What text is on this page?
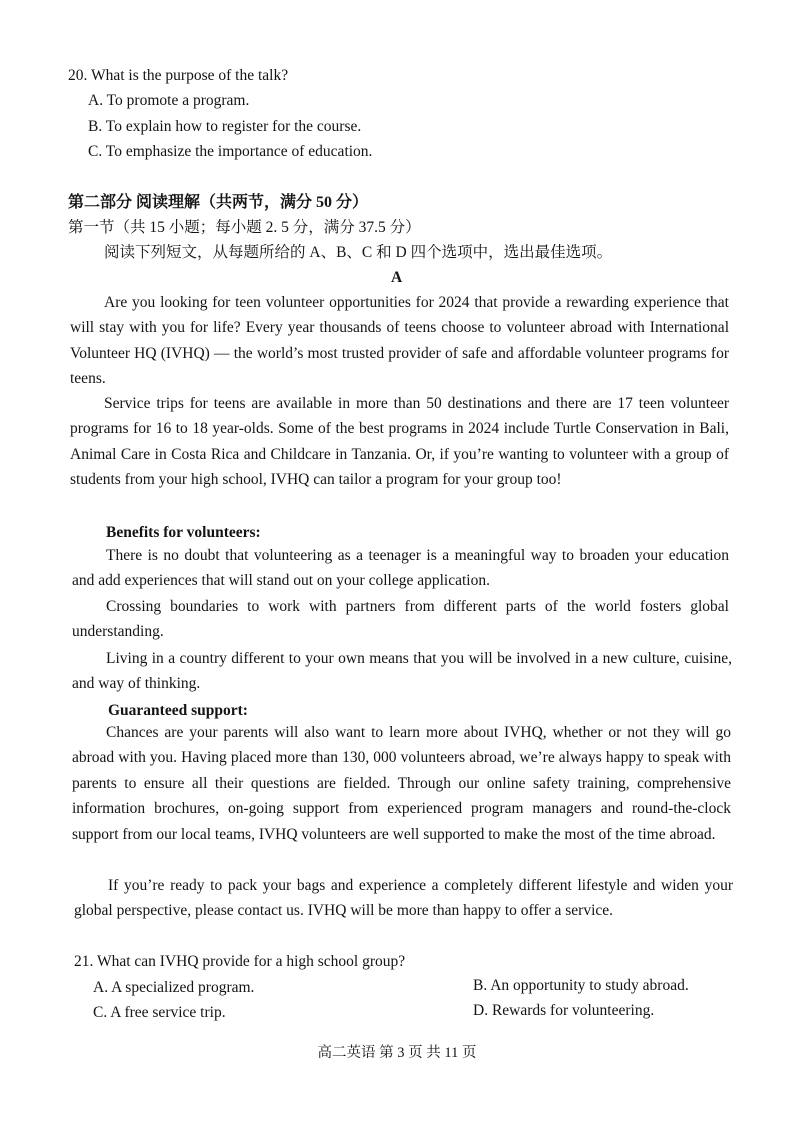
20. What is the purpose of the talk?
A. To promote a program.
B. To explain how to register for the course.
C. To emphasize the importance of education.
第二部分 阅读理解（共两节，满分 50 分）
第一节（共 15 小题；每小题 2. 5 分，满分 37.5 分）
阅读下列短文，从每题所给的 A、B、C 和 D 四个选项中，选出最佳选项。
A
Are you looking for teen volunteer opportunities for 2024 that provide a rewarding experience that will stay with you for life? Every year thousands of teens choose to volunteer abroad with International Volunteer HQ (IVHQ) — the world’s most trusted provider of safe and affordable volunteer programs for teens.
Service trips for teens are available in more than 50 destinations and there are 17 teen volunteer programs for 16 to 18 year-olds. Some of the best programs in 2024 include Turtle Conservation in Bali, Animal Care in Costa Rica and Childcare in Tanzania. Or, if you’re wanting to volunteer with a group of students from your high school, IVHQ can tailor a program for your group too!
Benefits for volunteers:
There is no doubt that volunteering as a teenager is a meaningful way to broaden your education and add experiences that will stand out on your college application.
Crossing boundaries to work with partners from different parts of the world fosters global understanding.
Living in a country different to your own means that you will be involved in a new culture, cuisine, and way of thinking.
Guaranteed support:
Chances are your parents will also want to learn more about IVHQ, whether or not they will go abroad with you. Having placed more than 130, 000 volunteers abroad, we’re always happy to speak with parents to ensure all their questions are fielded. Through our online safety training, comprehensive information brochures, on-going support from experienced program managers and round-the-clock support from our local teams, IVHQ volunteers are well supported to make the most of the time abroad.
If you’re ready to pack your bags and experience a completely different lifestyle and widen your global perspective, please contact us. IVHQ will be more than happy to offer a service.
21. What can IVHQ provide for a high school group?
A. A specialized program.	B. An opportunity to study abroad.
C. A free service trip.	D. Rewards for volunteering.
高二英语 第 3 页 共 11 页
